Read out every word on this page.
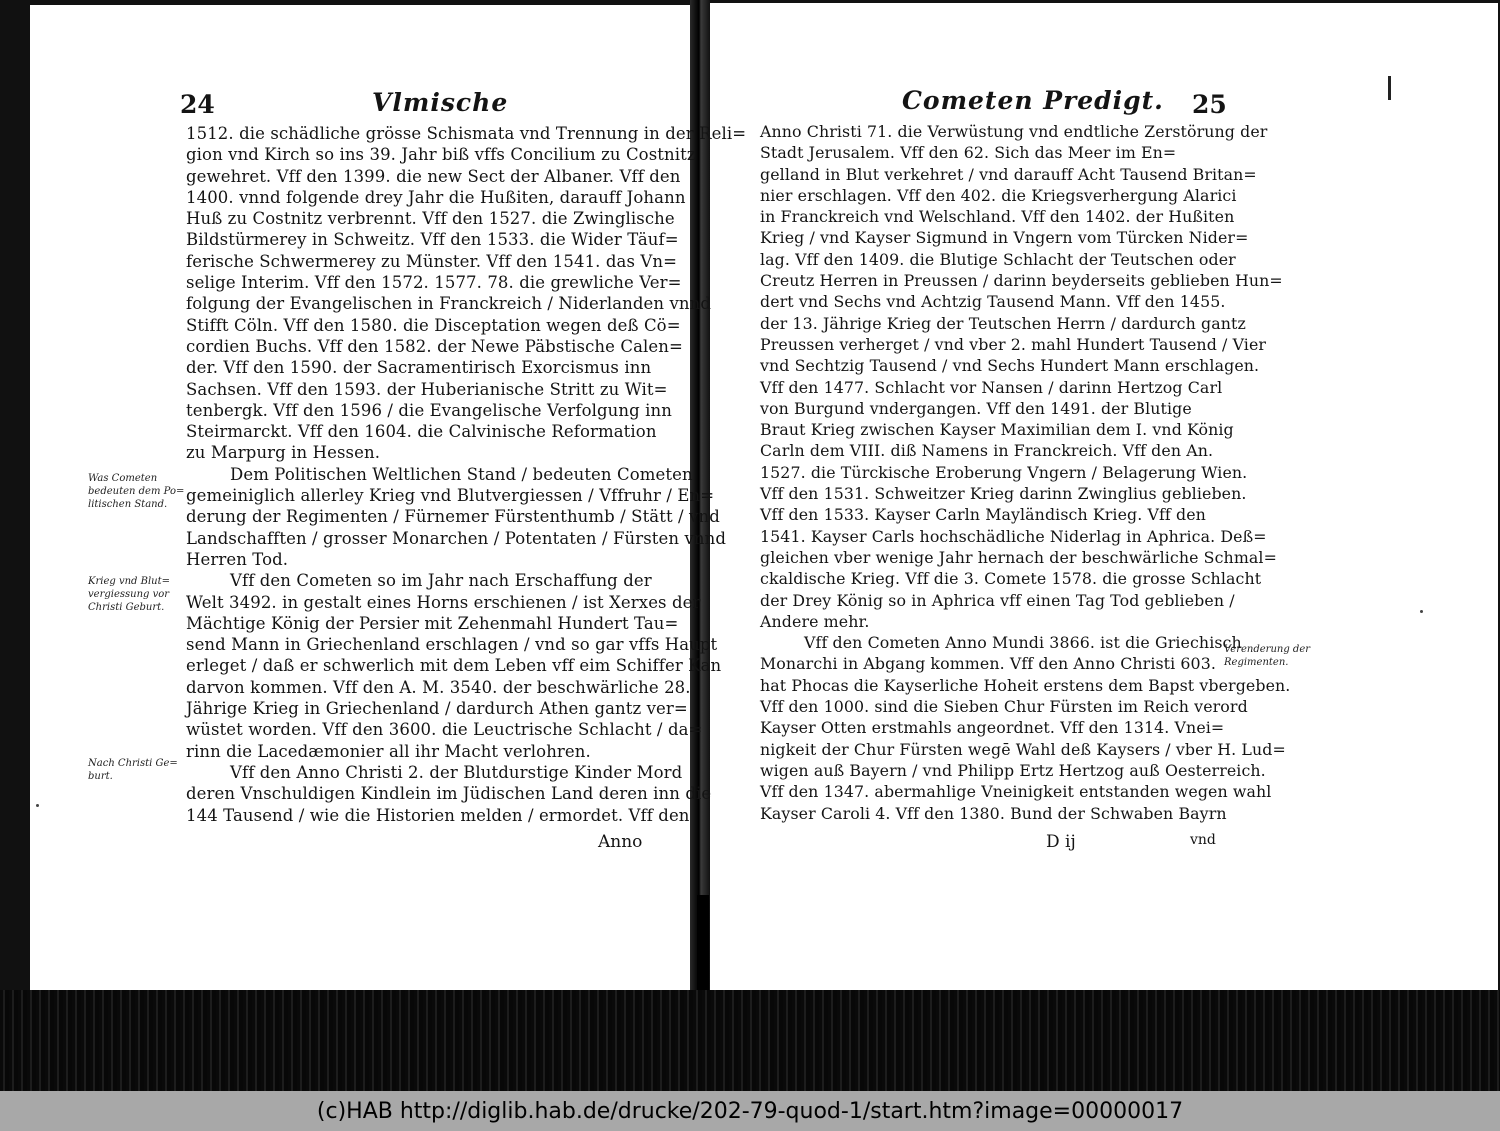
24	Vlmische
1512. die schädliche grösse Schismata vnd Trennung in der Reli=
gion vnd Kirch so ins 39. Jahr biß vffs Concilium zu Costnitz
gewehret. Vff den 1399. die new Sect der Albaner. Vff den
1400. vnnd folgende drey Jahr die Hußiten, darauff Johann
Huß zu Costnitz verbrennt. Vff den 1527. die Zwinglische
Bildstürmerey in Schweitz. Vff den 1533. die Wider Täuf=
ferische Schwermerey zu Münster. Vff den 1541. das Vn=
selige Interim. Vff den 1572. 1577. 78. die grewliche Ver=
folgung der Evangelischen in Franckreich / Niderlanden vnnd
Stifft Cöln. Vff den 1580. die Disceptation wegen deß Cö=
cordien Buchs. Vff den 1582. der Newe Päbstische Calen=
der. Vff den 1590. der Sacramentirisch Exorcismus inn
Sachsen. Vff den 1593. der Huberianische Stritt zu Wit=
tenbergk. Vff den 1596 / die Evangelische Verfolgung inn
Steirmarckt. Vff den 1604. die Calvinische Reformation
zu Marpurg in Hessen.
Dem Politischen Weltlichen Stand / bedeuten Cometen
gemeiniglich allerley Krieg vnd Blutvergiessen / Vffruhr / En=
derung der Regimenten / Fürnemer Fürstenthumb / Stätt / vnd
Landschafften / grosser Monarchen / Potentaten / Fürsten vnnd
Herren Tod.
Vff den Cometen so im Jahr nach Erschaffung der
Welt 3492. in gestalt eines Horns erschienen / ist Xerxes der
Mächtige König der Persier mit Zehenmahl Hundert Tau=
send Mann in Griechenland erschlagen / vnd so gar vffs Haupt
erleget / daß er schwerlich mit dem Leben vff eim Schiffer Kan
darvon kommen. Vff den A. M. 3540. der beschwärliche 28.
Jährige Krieg in Griechenland / dardurch Athen gantz ver=
wüstet worden. Vff den 3600. die Leuctrische Schlacht / da=
rinn die Lacedæmonier all ihr Macht verlohren.
Vff den Anno Christi 2. der Blutdurstige Kinder Mord
deren Vnschuldigen Kindlein im Jüdischen Land deren inn die
144 Tausend / wie die Historien melden / ermordet. Vff den
Anno
Was Cometen
bedeuten dem Po=
litischen Stand.
Krieg vnd Blut=
vergiessung vor
Christi Geburt.
Nach Christi Ge=
burt.
Cometen Predigt. 25
Anno Christi 71. die Verwüstung vnd endtliche Zerstörung der
Stadt Jerusalem. Vff den 62. Sich das Meer im En=
gelland in Blut verkehret / vnd darauff Acht Tausend Britan=
nier erschlagen. Vff den 402. die Kriegsverhergung Alarici
in Franckreich vnd Welschland. Vff den 1402. der Hußiten
Krieg / vnd Kayser Sigmund in Vngern vom Türcken Nider=
lag. Vff den 1409. die Blutige Schlacht der Teutschen oder
Creutz Herren in Preussen / darinn beyderseits geblieben Hun=
dert vnd Sechs vnd Achtzig Tausend Mann. Vff den 1455.
der 13. Jährige Krieg der Teutschen Herrn / dardurch gantz
Preussen verherget / vnd vber 2. mahl Hundert Tausend / Vier
vnd Sechtzig Tausend / vnd Sechs Hundert Mann erschlagen.
Vff den 1477. Schlacht vor Nansen / darinn Hertzog Carl
von Burgund vndergangen. Vff den 1491. der Blutige
Braut Krieg zwischen Kayser Maximilian dem I. vnd König
Carln dem VIII. diß Namens in Franckreich. Vff den An.
1527. die Türckische Eroberung Vngern / Belagerung Wien.
Vff den 1531. Schweitzer Krieg darinn Zwinglius geblieben.
Vff den 1533. Kayser Carln Mayländisch Krieg. Vff den
1541. Kayser Carls hochschädliche Niderlag in Aphrica. Deß=
gleichen vber wenige Jahr hernach der beschwärliche Schmal=
ckaldische Krieg. Vff die 3. Comete 1578. die grosse Schlacht
der Drey König so in Aphrica vff einen Tag Tod geblieben /
Andere mehr.
Vff den Cometen Anno Mundi 3866. ist die Griechisch
Monarchi in Abgang kommen. Vff den Anno Christi 603.
hat Phocas die Kayserliche Hoheit erstens dem Bapst vbergeben.
Vff den 1000. sind die Sieben Chur Fürsten im Reich verord
Kayser Otten erstmahls angeordnet. Vff den 1314. Vnei=
nigkeit der Chur Fürsten wegē Wahl deß Kaysers / vber H. Lud=
wigen auß Bayern / vnd Philipp Ertz Hertzog auß Oesterreich.
Vff den 1347. abermahlige Vneinigkeit entstanden wegen wahl
Kayser Caroli 4. Vff den 1380. Bund der Schwaben Bayrn
D ij	vnd
Verenderung der
Regimenten.
(c)HAB http://diglib.hab.de/drucke/202-79-quod-1/start.htm?image=00000017
